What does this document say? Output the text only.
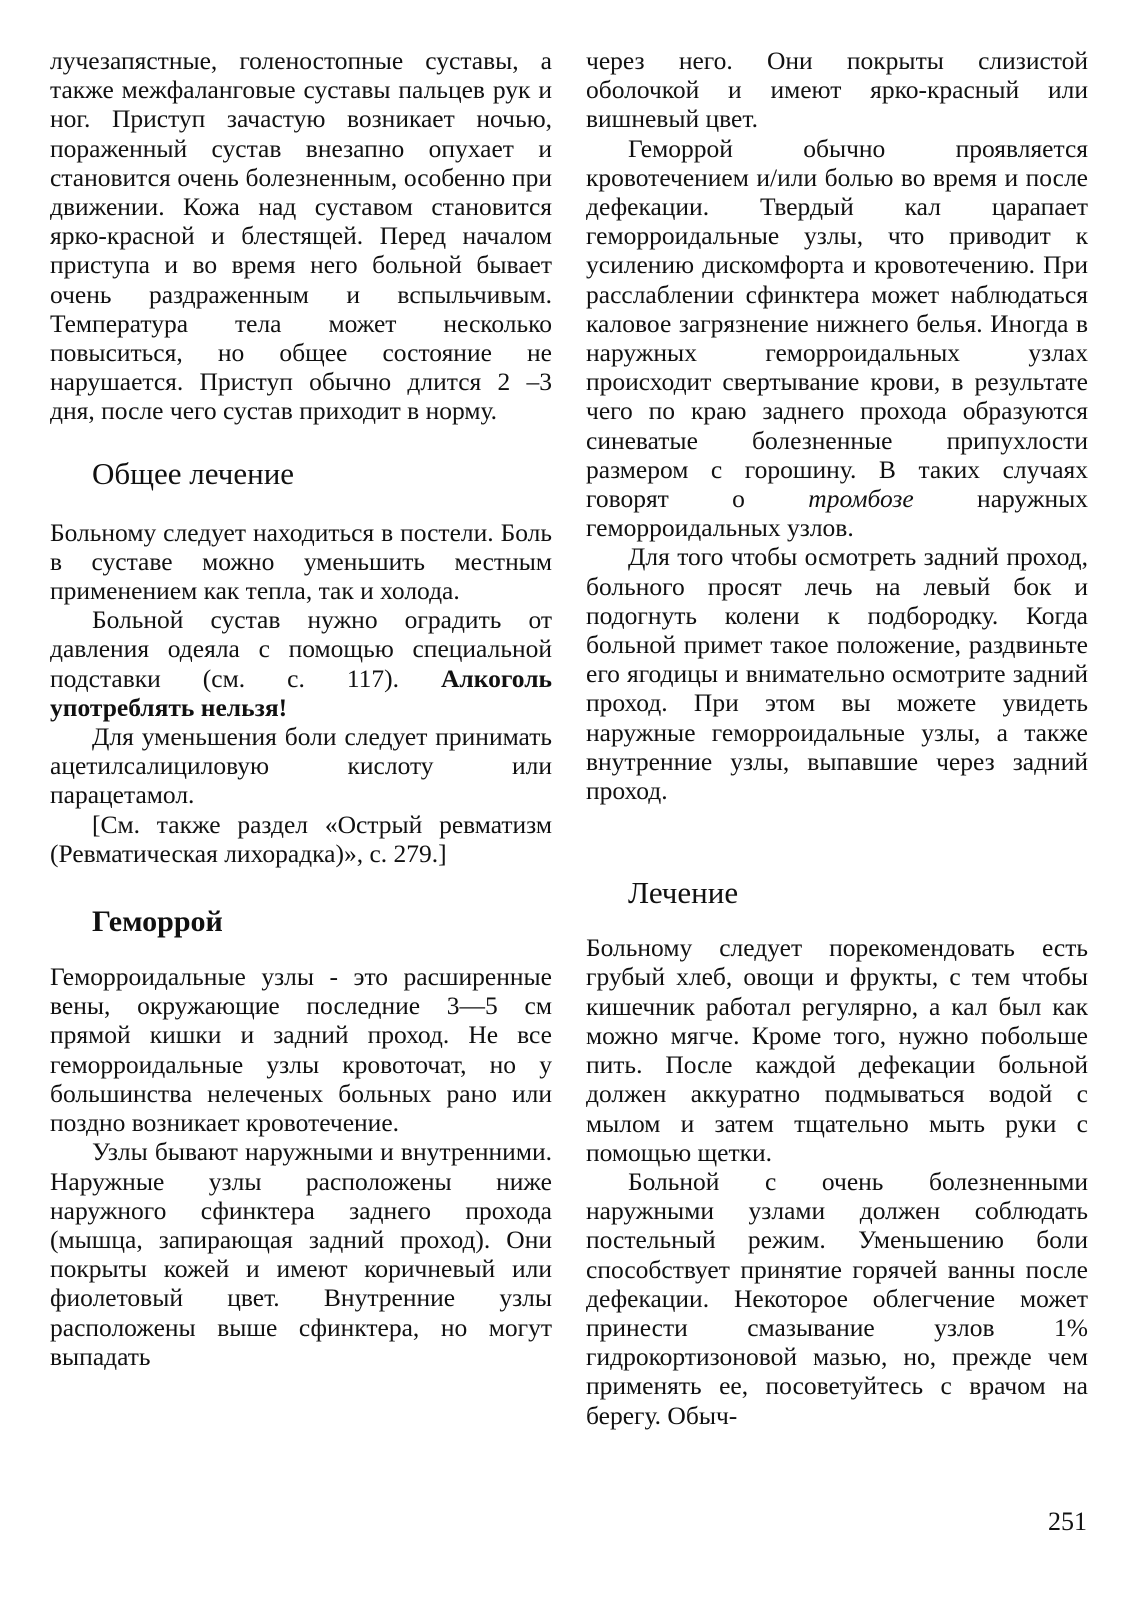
лучезапястные, голеностопные суставы, а также межфаланговые суставы пальцев рук и ног. Приступ зачастую возникает ночью, пораженный сустав внезапно опухает и становится очень болезненным, особенно при движении. Кожа над суставом становится ярко-красной и блестящей. Перед началом приступа и во время него больной бывает очень раздраженным и вспыльчивым. Температура тела может несколько повыситься, но общее состояние не нарушается. Приступ обычно длится 2 –3 дня, после чего сустав приходит в норму.

Общее лечение

Больному следует находиться в постели. Боль в суставе можно уменьшить местным применением как тепла, так и холода.

Больной сустав нужно оградить от давления одеяла с помощью специальной подставки (см. с. 117). Алкоголь употреблять нельзя!

Для уменьшения боли следует принимать ацетилсалициловую кислоту или парацетамол.

[См. также раздел «Острый ревматизм (Ревматическая лихорадка)», с. 279.]

Геморрой

Геморроидальные узлы - это расширенные вены, окружающие последние 3—5 см прямой кишки и задний проход. Не все геморроидальные узлы кровоточат, но у большинства нелеченых больных рано или поздно возникает кровотечение.

Узлы бывают наружными и внутренними. Наружные узлы расположены ниже наружного сфинктера заднего прохода (мышца, запирающая задний проход). Они покрыты кожей и имеют коричневый или фиолетовый цвет. Внутренние узлы расположены выше сфинктера, но могут выпадать

через него. Они покрыты слизистой оболочкой и имеют ярко-красный или вишневый цвет.

Геморрой обычно проявляется кровотечением и/или болью во время и после дефекации. Твердый кал царапает геморроидальные узлы, что приводит к усилению дискомфорта и кровотечению. При расслаблении сфинктера может наблюдаться каловое загрязнение нижнего белья. Иногда в наружных геморроидальных узлах происходит свертывание крови, в результате чего по краю заднего прохода образуются синеватые болезненные припухлости размером с горошину. В таких случаях говорят о тромбозе наружных геморроидальных узлов.

Для того чтобы осмотреть задний проход, больного просят лечь на левый бок и подогнуть колени к подбородку. Когда больной примет такое положение, раздвиньте его ягодицы и внимательно осмотрите задний проход. При этом вы можете увидеть наружные геморроидальные узлы, а также внутренние узлы, выпавшие через задний проход.

Лечение

Больному следует порекомендовать есть грубый хлеб, овощи и фрукты, с тем чтобы кишечник работал регулярно, а кал был как можно мягче. Кроме того, нужно побольше пить. После каждой дефекации больной должен аккуратно подмываться водой с мылом и затем тщательно мыть руки с помощью щетки.

Больной с очень болезненными наружными узлами должен соблюдать постельный режим. Уменьшению боли способствует принятие горячей ванны после дефекации. Некоторое облегчение может принести смазывание узлов 1% гидрокортизоновой мазью, но, прежде чем применять ее, посоветуйтесь с врачом на берегу. Обыч-

251
